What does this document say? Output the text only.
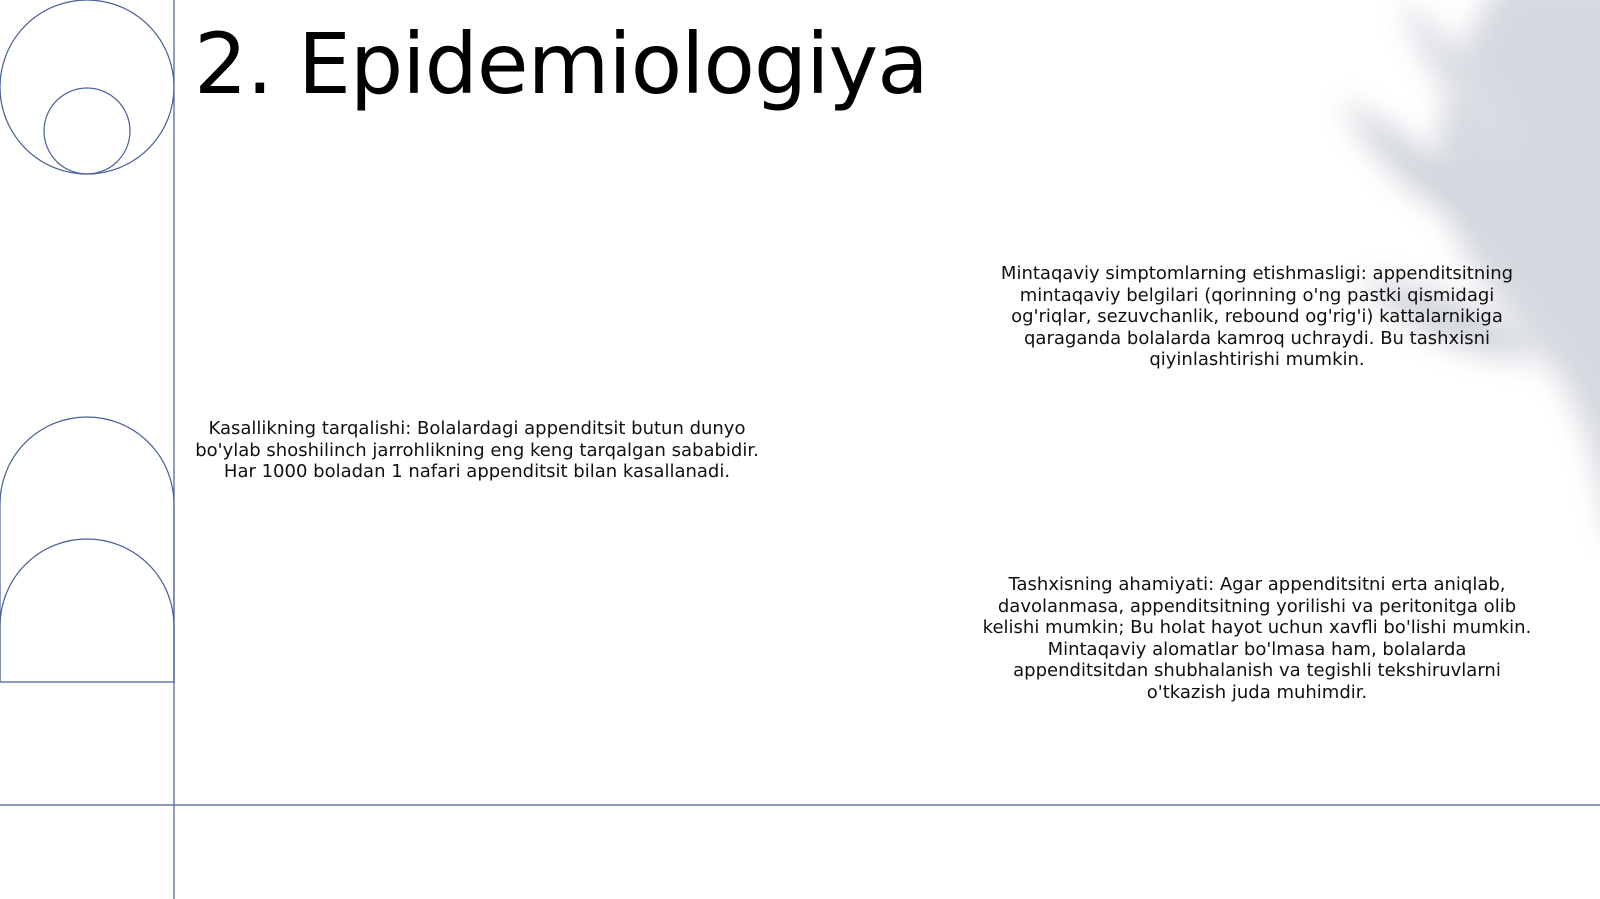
2. Epidemiologiya

Kasallikning tarqalishi: Bolalardagi appenditsit butun dunyo bo'ylab shoshilinch jarrohlikning eng keng tarqalgan sababidir. Har 1000 boladan 1 nafari appenditsit bilan kasallanadi.

Mintaqaviy simptomlarning etishmasligi: appenditsitning mintaqaviy belgilari (qorinning o'ng pastki qismidagi og'riqlar, sezuvchanlik, rebound og'rig'i) kattalarnikiga qaraganda bolalarda kamroq uchraydi. Bu tashxisni qiyinlashtirishi mumkin.

Tashxisning ahamiyati: Agar appenditsitni erta aniqlab, davolanmasa, appenditsitning yorilishi va peritonitga olib kelishi mumkin; Bu holat hayot uchun xavfli bo'lishi mumkin. Mintaqaviy alomatlar bo'lmasa ham, bolalarda appenditsitdan shubhalanish va tegishli tekshiruvlarni o'tkazish juda muhimdir.
